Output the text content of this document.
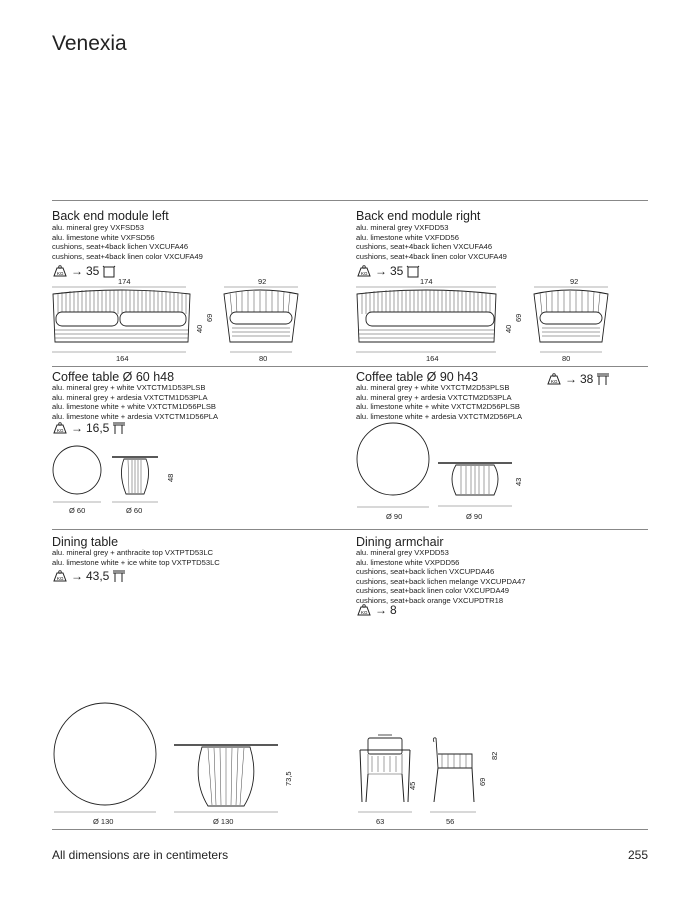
Venexia
Back end module left
alu. mineral grey VXFSD53
alu. limestone white VXFSD56
cushions, seat+4back lichen VXCUFA46
cushions, seat+4back linen color VXCUFA49
KG → 35
174
164
40
69
92
80
Back end module right
alu. mineral grey VXFDD53
alu. limestone white VXFDD56
cushions, seat+4back lichen VXCUFA46
cushions, seat+4back linen color VXCUFA49
KG → 35
174
164
40
69
92
80
Coffee table Ø 60 h48
alu. mineral grey + white VXTCTM1D53PLSB
alu. mineral grey + ardesia VXTCTM1D53PLA
alu. limestone white + white VXTCTM1D56PLSB
alu. limestone white + ardesia VXTCTM1D56PLA
KG → 16,5
Ø 60	Ø 60
48
Coffee table Ø 90 h43
alu. mineral grey + white VXTCTM2D53PLSB
alu. mineral grey + ardesia VXTCTM2D53PLA
alu. limestone white + white VXTCTM2D56PLSB
alu. limestone white + ardesia VXTCTM2D56PLA
KG → 38
Ø 90	Ø 90
43
Dining table
alu. mineral grey + anthracite top VXTPTD53LC
alu. limestone white + ice white top VXTPTD53LC
KG → 43,5
Ø 130	Ø 130
73,5
Dining armchair
alu. mineral grey VXPDD53
alu. limestone white VXPDD56
cushions, seat+back lichen VXCUPDA46
cushions, seat+back lichen melange VXCUPDA47
cushions, seat+back linen color VXCUPDA49
cushions, seat+back orange VXCUPDTR18
KG → 8
63
45
56
69
82
All dimensions are in centimeters	255
